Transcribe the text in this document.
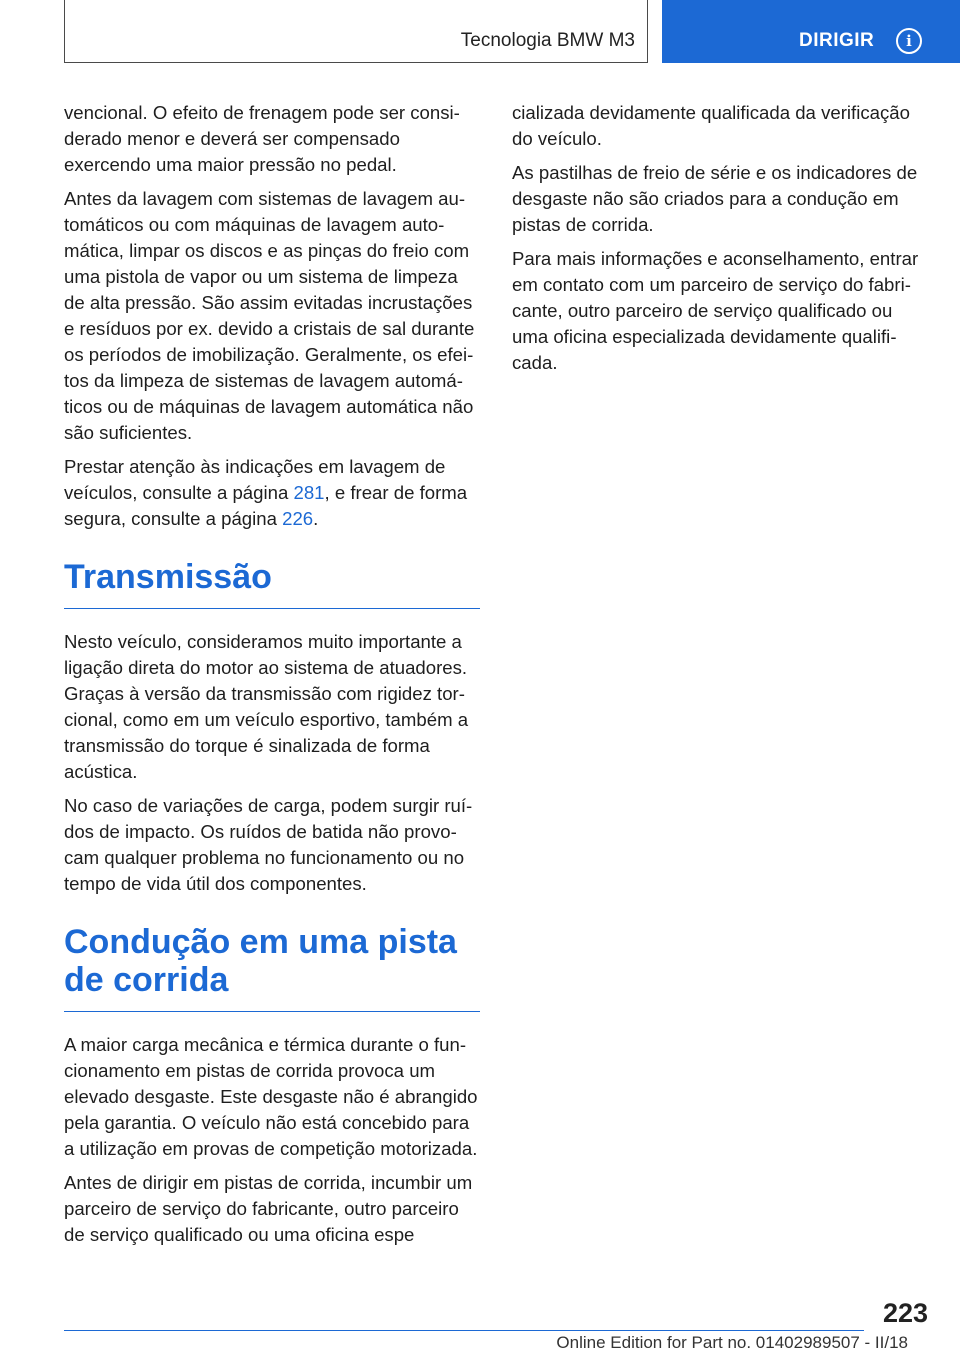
Tecnologia BMW M3	DIRIGIR	i

vencional. O efeito de frenagem pode ser considerado menor e deverá ser compensado exercendo uma maior pressão no pedal.

Antes da lavagem com sistemas de lavagem automáticos ou com máquinas de lavagem automática, limpar os discos e as pinças do freio com uma pistola de vapor ou um sistema de limpeza de alta pressão. São assim evitadas incrustações e resíduos por ex. devido a cristais de sal durante os períodos de imobilização. Geralmente, os efeitos da limpeza de sistemas de lavagem automáticos ou de máquinas de lavagem automática não são suficientes.

Prestar atenção às indicações em lavagem de veículos, consulte a página 281, e frear de forma segura, consulte a página 226.

Transmissão

Nesto veículo, consideramos muito importante a ligação direta do motor ao sistema de atuadores. Graças à versão da transmissão com rigidez torcional, como em um veículo esportivo, também a transmissão do torque é sinalizada de forma acústica.

No caso de variações de carga, podem surgir ruídos de impacto. Os ruídos de batida não provocam qualquer problema no funcionamento ou no tempo de vida útil dos componentes.

Condução em uma pista de corrida

A maior carga mecânica e térmica durante o funcionamento em pistas de corrida provoca um elevado desgaste. Este desgaste não é abrangido pela garantia. O veículo não está concebido para a utilização em provas de competição motorizada.

Antes de dirigir em pistas de corrida, incumbir um parceiro de serviço do fabricante, outro parceiro de serviço qualificado ou uma oficina espe

cializada devidamente qualificada da verificação do veículo.

As pastilhas de freio de série e os indicadores de desgaste não são criados para a condução em pistas de corrida.

Para mais informações e aconselhamento, entrar em contato com um parceiro de serviço do fabricante, outro parceiro de serviço qualificado ou uma oficina especializada devidamente qualificada.

223
Online Edition for Part no. 01402989507 - II/18
